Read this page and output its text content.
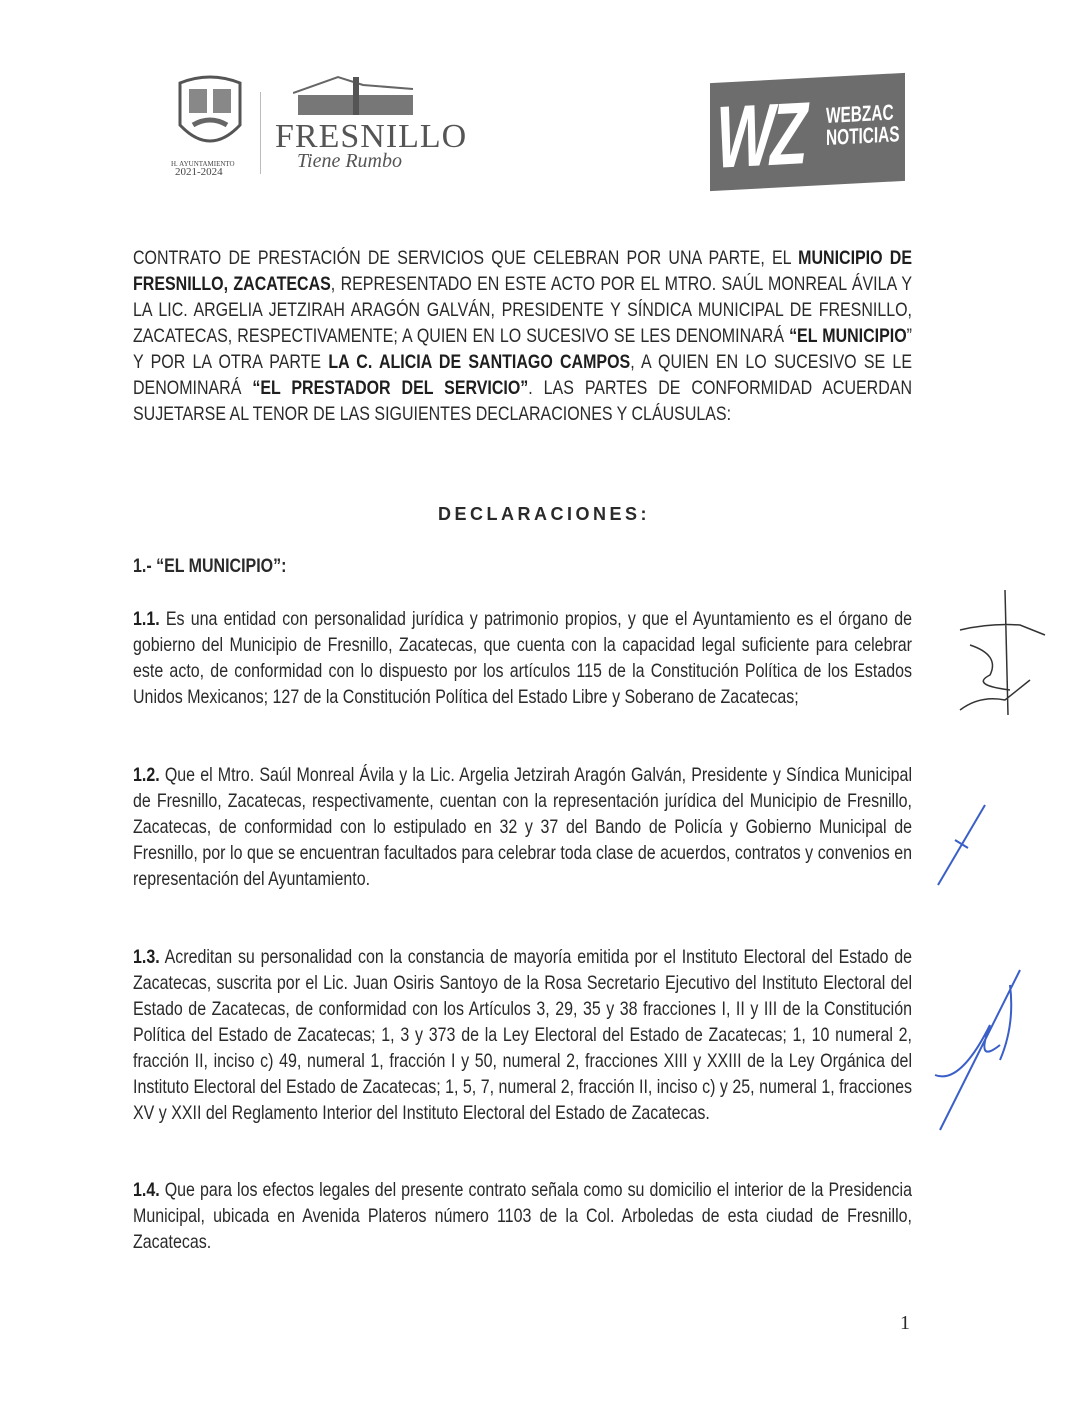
H. AYUNTAMIENTO
2021-2024
FRESNILLO
Tiene Rumbo	WZ WEBZAC
NOTICIAS
CONTRATO DE PRESTACIÓN DE SERVICIOS QUE CELEBRAN POR UNA PARTE, EL MUNICIPIO DE FRESNILLO, ZACATECAS, REPRESENTADO EN ESTE ACTO POR EL MTRO. SAÚL MONREAL ÁVILA Y LA LIC. ARGELIA JETZIRAH ARAGÓN GALVÁN, PRESIDENTE Y SÍNDICA MUNICIPAL DE FRESNILLO, ZACATECAS, RESPECTIVAMENTE; A QUIEN EN LO SUCESIVO SE LES DENOMINARÁ “EL MUNICIPIO” Y POR LA OTRA PARTE LA C. ALICIA DE SANTIAGO CAMPOS, A QUIEN EN LO SUCESIVO SE LE DENOMINARÁ “EL PRESTADOR DEL SERVICIO”. LAS PARTES DE CONFORMIDAD ACUERDAN SUJETARSE AL TENOR DE LAS SIGUIENTES DECLARACIONES Y CLÁUSULAS:
DECLARACIONES:
1.- “EL MUNICIPIO”:
1.1. Es una entidad con personalidad jurídica y patrimonio propios, y que el Ayuntamiento es el órgano de gobierno del Municipio de Fresnillo, Zacatecas, que cuenta con la capacidad legal suficiente para celebrar este acto, de conformidad con lo dispuesto por los artículos 115 de la Constitución Política de los Estados Unidos Mexicanos; 127 de la Constitución Política del Estado Libre y Soberano de Zacatecas;
1.2. Que el Mtro. Saúl Monreal Ávila y la Lic. Argelia Jetzirah Aragón Galván, Presidente y Síndica Municipal de Fresnillo, Zacatecas, respectivamente, cuentan con la representación jurídica del Municipio de Fresnillo, Zacatecas, de conformidad con lo estipulado en 32 y 37 del Bando de Policía y Gobierno Municipal de Fresnillo, por lo que se encuentran facultados para celebrar toda clase de acuerdos, contratos y convenios en representación del Ayuntamiento.
1.3. Acreditan su personalidad con la constancia de mayoría emitida por el Instituto Electoral del Estado de Zacatecas, suscrita por el Lic. Juan Osiris Santoyo de la Rosa Secretario Ejecutivo del Instituto Electoral del Estado de Zacatecas, de conformidad con los Artículos 3, 29, 35 y 38 fracciones I, II y III de la Constitución Política del Estado de Zacatecas; 1, 3 y 373 de la Ley Electoral del Estado de Zacatecas; 1, 10 numeral 2, fracción II, inciso c) 49, numeral 1, fracción I y 50, numeral 2, fracciones XIII y XXIII de la Ley Orgánica del Instituto Electoral del Estado de Zacatecas; 1, 5, 7, numeral 2, fracción II, inciso c) y 25, numeral 1, fracciones XV y XXII del Reglamento Interior del Instituto Electoral del Estado de Zacatecas.
1.4. Que para los efectos legales del presente contrato señala como su domicilio el interior de la Presidencia Municipal, ubicada en Avenida Plateros número 1103 de la Col. Arboledas de esta ciudad de Fresnillo, Zacatecas.
1
